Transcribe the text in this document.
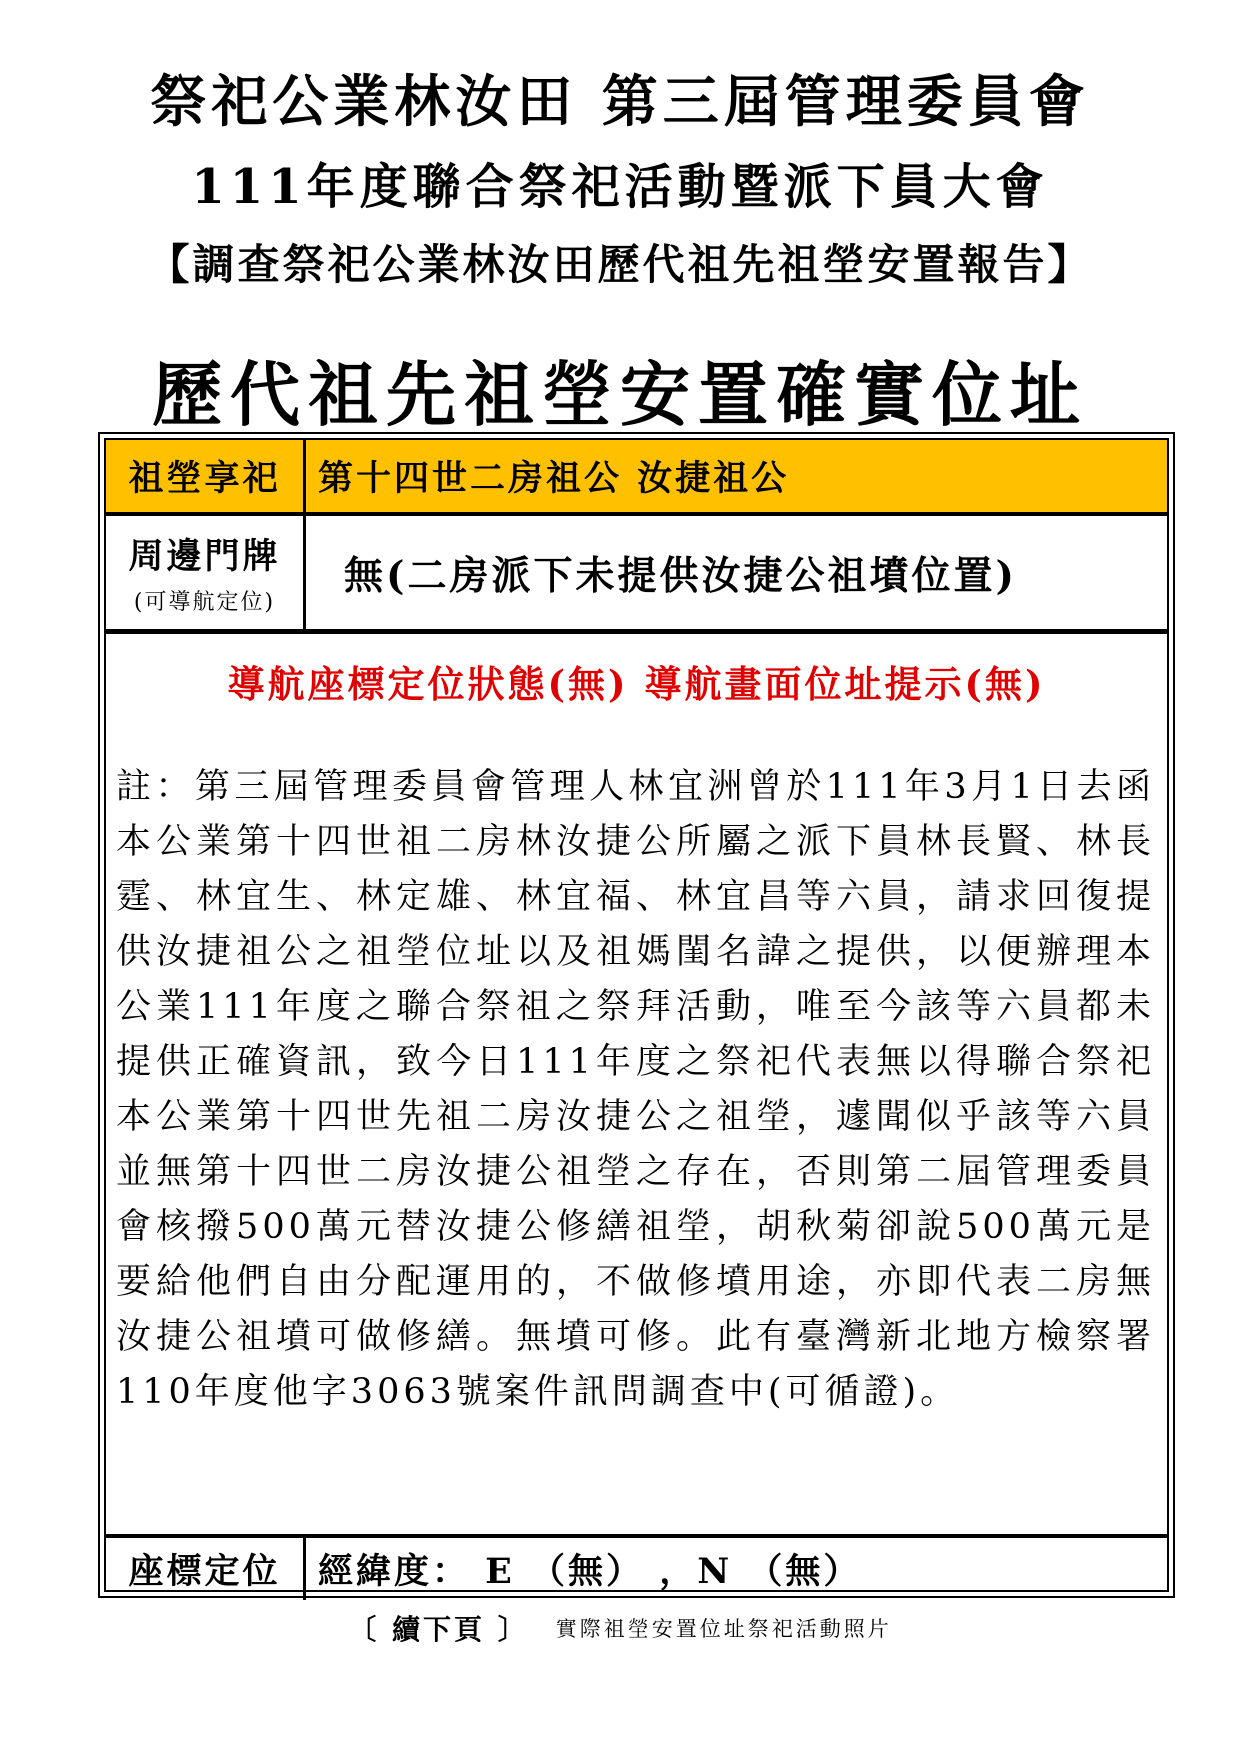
祭祀公業林汝田 第三屆管理委員會
111年度聯合祭祀活動暨派下員大會
【調查祭祀公業林汝田歷代祖先祖塋安置報告】
歷代祖先祖塋安置確實位址
祖塋享祀 第十四世二房祖公 汝捷祖公
周邊門牌
(可導航定位)
無(二房派下未提供汝捷公祖墳位置)
導航座標定位狀態(無) 導航畫面位址提示(無)
註：第三屆管理委員會管理人林宜洲曾於111年3月1日去函本公業第十四世祖二房林汝捷公所屬之派下員林長賢、林長霆、林宜生、林定雄、林宜福、林宜昌等六員，請求回復提供汝捷祖公之祖塋位址以及祖媽閨名諱之提供，以便辦理本公業111年度之聯合祭祖之祭拜活動，唯至今該等六員都未提供正確資訊，致今日111年度之祭祀代表無以得聯合祭祀本公業第十四世先祖二房汝捷公之祖塋，遽聞似乎該等六員並無第十四世二房汝捷公祖塋之存在，否則第二屆管理委員會核撥500萬元替汝捷公修繕祖塋，胡秋菊卻說500萬元是要給他們自由分配運用的，不做修墳用途，亦即代表二房無汝捷公祖墳可做修繕。無墳可修。此有臺灣新北地方檢察署110年度他字3063號案件訊問調查中(可循證)。
座標定位 經緯度： E （無） ，N （無）
〔 續下頁 〕 實際祖塋安置位址祭祀活動照片
